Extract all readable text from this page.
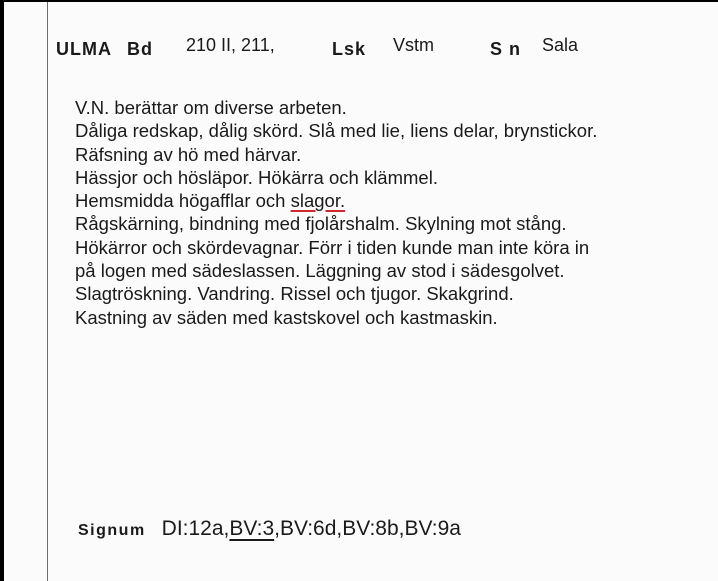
ULMA Bd 210 II, 211,	Lsk Vstm	S n Sala
V.N. berättar om diverse arbeten.
Dåliga redskap, dålig skörd. Slå med lie, liens delar, brynstickor.
Räfsning av hö med härvar.
Hässjor och hösläpor. Hökärra och klämmel.
Hemsmidda högafflar och slagor.
Rågskärning, bindning med fjolårshalm. Skylning mot stång.
Hökärror och skördevagnar. Förr i tiden kunde man inte köra in
på logen med sädeslassen. Läggning av stod i sädesgolvet.
Slagtröskning. Vandring. Rissel och tjugor. Skakgrind.
Kastning av säden med kastskovel och kastmaskin.
Signum DI:12a,BV:3,BV:6d,BV:8b,BV:9a
